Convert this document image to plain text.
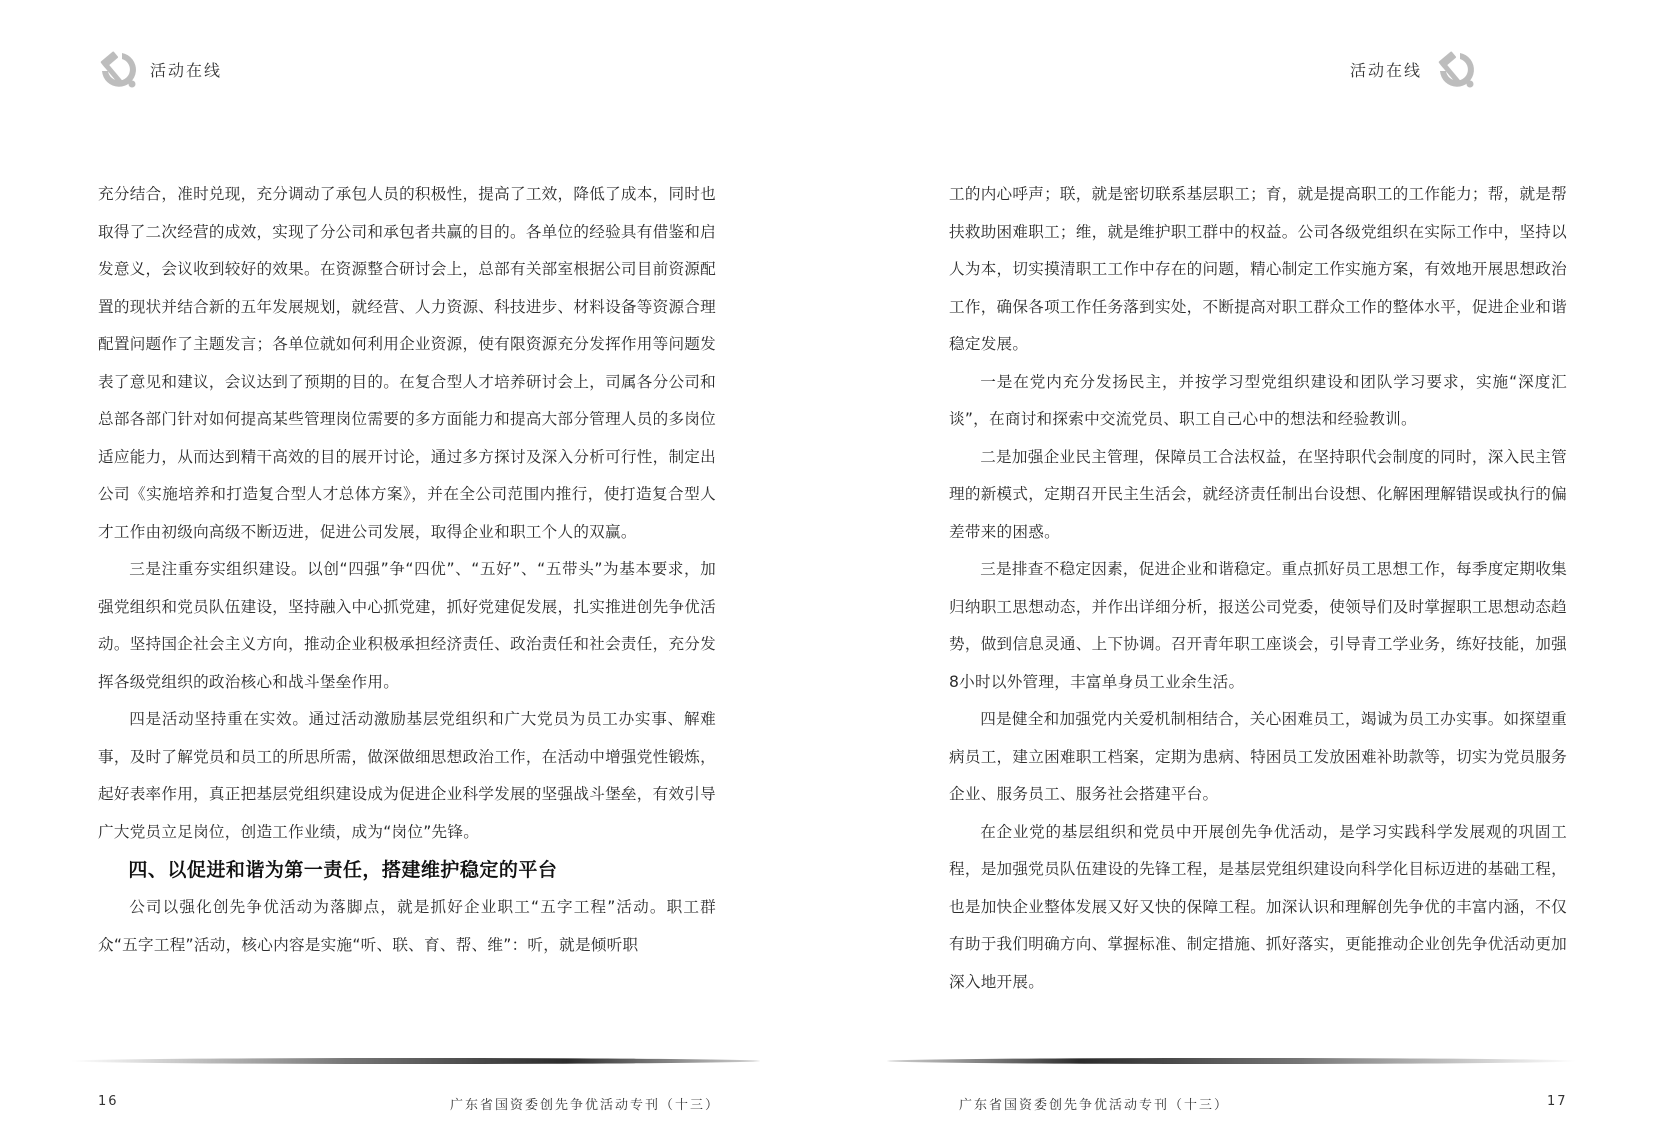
活动在线

充分结合，准时兑现，充分调动了承包人员的积极性，提高了工效，降低了成本，同时也取得了二次经营的成效，实现了分公司和承包者共赢的目的。各单位的经验具有借鉴和启发意义，会议收到较好的效果。在资源整合研讨会上，总部有关部室根据公司目前资源配置的现状并结合新的五年发展规划，就经营、人力资源、科技进步、材料设备等资源合理配置问题作了主题发言；各单位就如何利用企业资源，使有限资源充分发挥作用等问题发表了意见和建议，会议达到了预期的目的。在复合型人才培养研讨会上，司属各分公司和总部各部门针对如何提高某些管理岗位需要的多方面能力和提高大部分管理人员的多岗位适应能力，从而达到精干高效的目的展开讨论，通过多方探讨及深入分析可行性，制定出公司《实施培养和打造复合型人才总体方案》，并在全公司范围内推行，使打造复合型人才工作由初级向高级不断迈进，促进公司发展，取得企业和职工个人的双赢。

三是注重夯实组织建设。以创“四强”争“四优”、“五好”、“五带头”为基本要求，加强党组织和党员队伍建设，坚持融入中心抓党建，抓好党建促发展，扎实推进创先争优活动。坚持国企社会主义方向，推动企业积极承担经济责任、政治责任和社会责任，充分发挥各级党组织的政治核心和战斗堡垒作用。

四是活动坚持重在实效。通过活动激励基层党组织和广大党员为员工办实事、解难事，及时了解党员和员工的所思所需，做深做细思想政治工作，在活动中增强党性锻炼，起好表率作用，真正把基层党组织建设成为促进企业科学发展的坚强战斗堡垒，有效引导广大党员立足岗位，创造工作业绩，成为“岗位”先锋。

四、以促进和谐为第一责任，搭建维护稳定的平台

公司以强化创先争优活动为落脚点，就是抓好企业职工“五字工程”活动。职工群众“五字工程”活动，核心内容是实施“听、联、育、帮、维”：听，就是倾听职

16	广东省国资委创先争优活动专刊（十三）
活动在线

工的内心呼声；联，就是密切联系基层职工；育，就是提高职工的工作能力；帮，就是帮扶救助困难职工；维，就是维护职工群中的权益。公司各级党组织在实际工作中，坚持以人为本，切实摸清职工工作中存在的问题，精心制定工作实施方案，有效地开展思想政治工作，确保各项工作任务落到实处，不断提高对职工群众工作的整体水平，促进企业和谐稳定发展。

一是在党内充分发扬民主，并按学习型党组织建设和团队学习要求，实施“深度汇谈”，在商讨和探索中交流党员、职工自己心中的想法和经验教训。

二是加强企业民主管理，保障员工合法权益，在坚持职代会制度的同时，深入民主管理的新模式，定期召开民主生活会，就经济责任制出台设想、化解困理解错误或执行的偏差带来的困惑。

三是排查不稳定因素，促进企业和谐稳定。重点抓好员工思想工作，每季度定期收集归纳职工思想动态，并作出详细分析，报送公司党委，使领导们及时掌握职工思想动态趋势，做到信息灵通、上下协调。召开青年职工座谈会，引导青工学业务，练好技能，加强8小时以外管理，丰富单身员工业余生活。

四是健全和加强党内关爱机制相结合，关心困难员工，竭诚为员工办实事。如探望重病员工，建立困难职工档案，定期为患病、特困员工发放困难补助款等，切实为党员服务企业、服务员工、服务社会搭建平台。

在企业党的基层组织和党员中开展创先争优活动，是学习实践科学发展观的巩固工程，是加强党员队伍建设的先锋工程，是基层党组织建设向科学化目标迈进的基础工程，也是加快企业整体发展又好又快的保障工程。加深认识和理解创先争优的丰富内涵，不仅有助于我们明确方向、掌握标准、制定措施、抓好落实，更能推动企业创先争优活动更加深入地开展。

广东省国资委创先争优活动专刊（十三）	17
